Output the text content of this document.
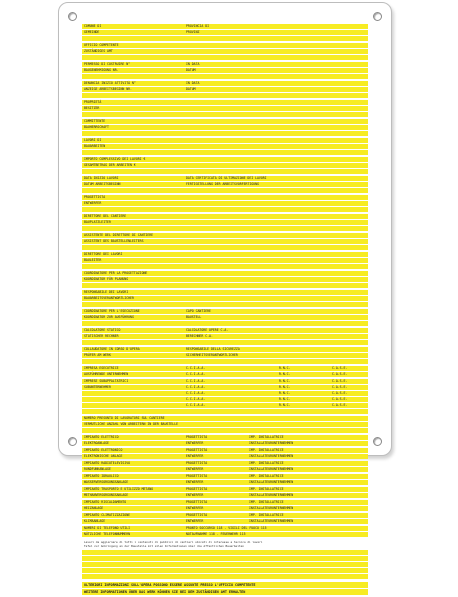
COMUNE DI	PROVINCIA DI
GEMEINDE	PROVINZ
UFFICIO COMPETENTE
ZUSTÄNDIGES AMT
PERMESSO DI COSTRUIRE N°	IN DATA
BAUGENEHMIGUNG NR.	DATUM
DENUNCIA INIZIO ATTIVITÀ N°	IN DATA
ANZEIGE ARBEITSBEGINN NR.	DATUM
PROPRIETÀ
BESITZER
COMMITTENTE
BAUHERRSCHAFT
LAVORI DI
BAUARBEITEN
IMPORTO COMPLESSIVO DEI LAVORI €
GESAMTBETRAG DER ARBEITEN €
DATA INIZIO LAVORI	DATA CERTIFICATA DI ULTIMAZIONE DEI LAVORI
DATUM ARBEITSBEGINN	FERTIGSTELLUNG DER ARBEITSVORFERTIGUNG
PROGETTISTA
ENTWERFER
DIRETTORE DEL CANTIERE
BAUPLATZLEITER
ASSISTENTE DEL DIRETTORE DI CANTIERE
ASSISTENT DES BAUSTELLENLEITERS
DIRETTORE DEI LAVORI
BAULEITER
COORDINATORE PER LA PROGETTAZIONE
KOORDINATOR FÜR PLANUNG
RESPONSABILE DEI LAVORI
BAUARBEITSVERANTWORTLICHER
COORDINATORE PER L'ESECUZIONE	CAPO CANTIERE
KOORDINATOR ZUR AUSFÜHRUNG	BAUSTELL
CALCOLATORE STATICO	CALCOLATORE OPERE C.A.
STATISCHER RECHNER	BERECHNER C.A.
COLLAUDATORE IN CORSO D'OPERA	RESPONSABILE DELLA SICUREZZA
PRÜFER AM WERK	SICHERHEITSVERANTWORTLICHER
IMPRESA ESECUTRICE	C.C.I.A.A.	R.N.C.	C.A.S.E.
AUSFÜHRENDE UNTERNEHMEN	C.C.I.A.A.	R.N.C.	C.A.S.E.
IMPRESE SUBAPPALTATRICI	C.C.I.A.A.	R.N.C.	C.A.S.E.
SUBUNTERNEHMER	C.C.I.A.A.	R.N.C.	C.A.S.E.
C.C.I.A.A.	R.N.C.	C.A.S.E.
C.C.I.A.A.	R.N.C.	C.A.S.E.
C.C.I.A.A.	R.N.C.	C.A.S.E.
NUMERO PRESUNTO DI LAVORATORI SUL CANTIERE
VERMUTLICHE ANZAHL VON ARBEITERN IN DER BAUSTELLE
IMPIANTO ELETTRICO	PROGETTISTA	IMP. INSTALLATRICE
ELEKTROANLAGE	ENTWERFER	INSTALLATEURUNTERNEHMEN
IMPIANTO ELETTRONICO	PROGETTISTA	IMP. INSTALLATRICE
ELEKTRONISCHE ANLAGE	ENTWERFER	INSTALLATEURUNTERNEHMEN
IMPIANTO RADIOTELEVISIVO	PROGETTISTA	IMP. INSTALLATRICE
RUNDFUNKANLAGE	ENTWERFER	INSTALLATEURUNTERNEHMEN
IMPIANTO IDRAULICO	PROGETTISTA	IMP. INSTALLATRICE
WASSERVERSORGUNGSANLAGE	ENTWERFER	INSTALLATEURUNTERNEHMEN
IMPIANTO TRASPORTO E UTILIZZO METANO	PROGETTISTA	IMP. INSTALLATRICE
METHANVERSORGUNGSANLAGE	ENTWERFER	INSTALLATEURUNTERNEHMEN
IMPIANTO RISCALDAMENTO	PROGETTISTA	IMP. INSTALLATRICE
HEIZANLAGE	ENTWERFER	INSTALLATEURUNTERNEHMEN
IMPIANTO CLIMATIZZAZIONE	PROGETTISTA	IMP. INSTALLATRICE
KLIMAANLAGE	ENTWERFER	INSTALLATEURUNTERNEHMEN
NUMERI DI TELEFONO UTILI	PRONTO SOCCORSO 118 - VIGILI DEL FUOCO 115
NÜTZLICHE TELEFONNUMMERN	NOTAUFNAHME 118 - FEUERWEHR 115
Lavori da aggiornare di tutti i contenuti di pubblici di cantieri ubicati di interesse a tecnico di lavori
Tafel zur Anbringung an der Baustelle mit allen Informationen über die öffentlichen Bauarbeiten
ULTERIORI INFORMAZIONI SULL'OPERA POSSONO ESSERE ASSUNTE PRESSO L'UFFICIO COMPETENTE
WEITERE INFORMATIONEN ÜBER DAS WERK KÖNNEN SIE BEI DEM ZUSTÄNDIGEN AMT ERHALTEN
